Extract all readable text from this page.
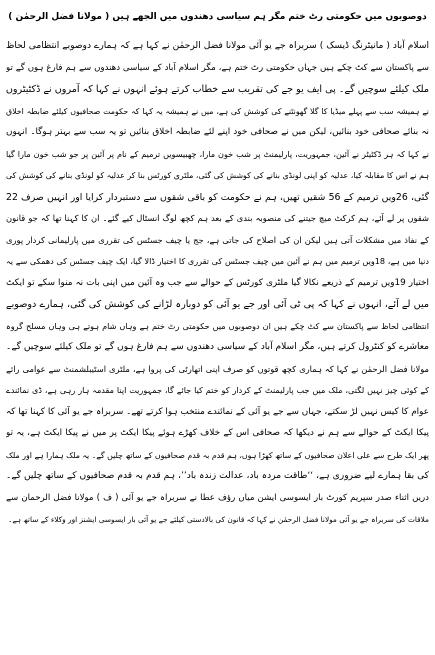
دوصوبوں میں حکومتی رٹ ختم مگر ہم سیاسی دھندوں میں الجھے ہیں ( مولانا فضل الرحمٰن )

اسلام آباد ( مانیٹرنگ ڈیسک ) سربراہ جے یو آئی مولانا فضل الرحمٰن نے کہا ہے کہ ہمارے دوصوبے انتظامی لحاظ

سے پاکستان سے کٹ چکے ہیں جہاں حکومتی رٹ ختم ہے، مگر اسلام آباد کے سیاسی دھندوں سے ہم فارغ ہوں گے تو

ملک کیلئے سوچیں گے۔ پی ایف یو جے کی تقریب سے خطاب کرتے ہوئے انہوں نے کہا کہ آمروں نے ڈکٹیٹروں

نے ہمیشہ سب سے پہلے میڈیا کا گلا گھونٹنے کی کوشش کی ہے، میں نے ہمیشہ یہ کہا کہ حکومت صحافیوں کیلئے ضابطہ اخلاق

نہ بنائے صحافی خود بنائیں، لیکن میں نے صحافی خود اپنے لئے ضابطہ اخلاق بنائیں تو یہ سب سے بہتر ہوگا۔ انہوں

نے کہا کہ ہر ڈکٹیٹر نے آئین، جمہوریت، پارلیمنٹ پر شب خون مارا، چھبیسویں ترمیم کے نام پر آئین پر جو شب خون مارا گیا

ہم نے اس کا مقابلہ کیا، عدلیہ کو اپنی لونڈی بنانے کی کوشش کی گئی، ملٹری کورٹس بنا کر عدلیہ کو لونڈی بنانے کی کوشش کی

گئی، 26ویں ترمیم کے 56 شقیں تھیں، ہم نے حکومت کو باقی شقوں سے دستبردار کرایا اور انہیں صرف 22

شقوں پر لے آئے، ہم کرکٹ میچ جیتنے کی منصوبہ بندی کے بعد ہم کچھ لوگ انسٹال کیے گئے۔ ان کا کہنا تھا کہ جو قانون

کے نفاذ میں مشکلات آتی ہیں لیکن ان کی اصلاح کی جاتی ہے، جج یا چیف جسٹس کی تقرری میں پارلیمانی کردار پوری

دنیا میں ہے، 18ویں ترمیم میں ہم نے آئین میں چیف جسٹس کی تقرری کا اختیار ڈالا گیا، ایک چیف جسٹس کی دھمکی سے یہ

اختیار 19ویں ترمیم کے ذریعے نکالا گیا ملٹری کورٹس کے حوالے سے جب وہ آئین میں اپنی بات نہ منوا سکے تو ایکٹ

میں لے آئے، انہوں نے کہا کہ پی ٹی آئی اور جے یو آئی کو دوبارہ لڑانے کی کوشش کی گئی، ہمارے دوصوبے

انتظامی لحاظ سے پاکستان سے کٹ چکے ہیں ان دوصوبوں میں حکومتی رٹ ختم ہے وہاں شام ہوتے ہی وہاں مسلح گروہ

معاشرے کو کنٹرول کرتے ہیں، مگر اسلام آباد کے سیاسی دھندوں سے ہم فارغ ہوں گے تو ملک کیلئے سوچیں گے۔

مولانا فضل الرحمٰن نے کہا کہ ہماری کچھ قوتوں کو صرف اپنی اتھارٹی کی پروا ہے، ملٹری اسٹیبلشمنٹ سے عوامی رائے

کے کوئی چیز نہیں لگتی، ملک میں جب پارلیمنٹ کے کردار کو ختم کیا جائے گا، جمہوریت اپنا مقدمہ ہار رہی ہے، ڈی نمائندے

عوام کا کیس نہیں لڑ سکتے، جہاں سے جے یو آئی کے نمائندے منتخب ہوا کرتے تھے۔ سربراہ جے یو آئی کا کہنا تھا کہ

پیکا ایکٹ کے حوالے سے ہم نے دیکھا کہ صحافی اس کے خلاف کھڑے ہوئے پیکا ایکٹ پر میں نے پیکا ایکٹ ہے، یہ تو

پھر ایک طرح سے علی اعلان صحافیوں کے ساتھ کھڑا ہوں، ہم قدم بہ قدم صحافیوں کے ساتھ چلیں گے۔ یہ ملک ہمارا ہے اور ملک

کی بقا ہمارے لیے ضروری ہے، ‘‘طاقت مردہ باد، عدالت زندہ باد’’، ہم قدم بہ قدم صحافیوں کے ساتھ چلیں گے۔

دریں اثناء صدر سپریم کورٹ بار ایسوسی ایشن میاں رؤف عطا نے سربراہ جے یو آئی ( ف ) مولانا فضل الرحمان سے

ملاقات کی سربراہ جے یو آئی مولانا فضل الرحمٰن نے کہا کہ قانون کی بالادستی کیلئے جے یو آئی بار ایسوسی ایشنز اور وکلاء کے ساتھ ہے۔
